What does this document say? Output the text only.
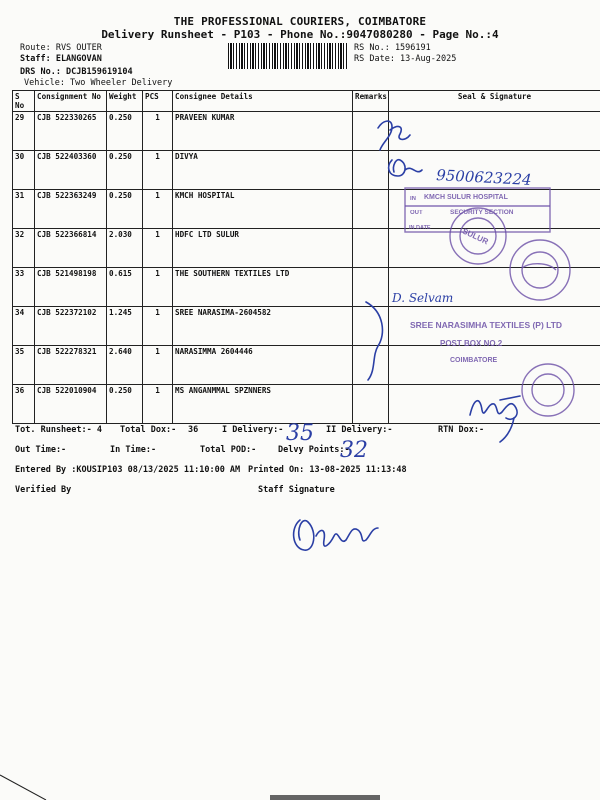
THE PROFESSIONAL COURIERS, COIMBATORE
Delivery Runsheet - P103 - Phone No.:9047080280 - Page No.:4
Route: RVS OUTER
Staff: ELANGOVAN
DRS No.: DCJB159619104
Vehicle: Two Wheeler Delivery
RS No.: 1596191
RS Date: 13-Aug-2025
S No	Consignment No	Weight	PCS	Consignee Details	Remarks	Seal & Signature
29	CJB 522330265	0.250	1	PRAVEEN KUMAR		
30	CJB 522403360	0.250	1	DIVYA		
31	CJB 522363249	0.250	1	KMCH HOSPITAL		
32	CJB 522366814	2.030	1	HDFC LTD SULUR		
33	CJB 521498198	0.615	1	THE SOUTHERN TEXTILES LTD		
34	CJB 522372102	1.245	1	SREE NARASIMA-2604582		
35	CJB 522278321	2.640	1	NARASIMMA 2604446		
36	CJB 522010904	0.250	1	MS ANGANMMAL SPZNNERS		
Tot. Runsheet:- 4 Total Dox:- 36	I Delivery:-	II Delivery:-	RTN Dox:-
Out Time:-	In Time:-	Total POD:-	Delvy Points:-
Entered By :KOUSIP103 08/13/2025 11:10:00 AM Printed On: 13-08-2025 11:13:48
Verified By	Staff Signature
9500623224
KMCH SULUR HOSPITAL
SECURITY SECTION
IN
OUT
IN DATE	SULUR
D. Selvam
SREE NARASIMHA TEXTILES (P) LTD
POST BOX NO.2
COIMBATORE
35
32
